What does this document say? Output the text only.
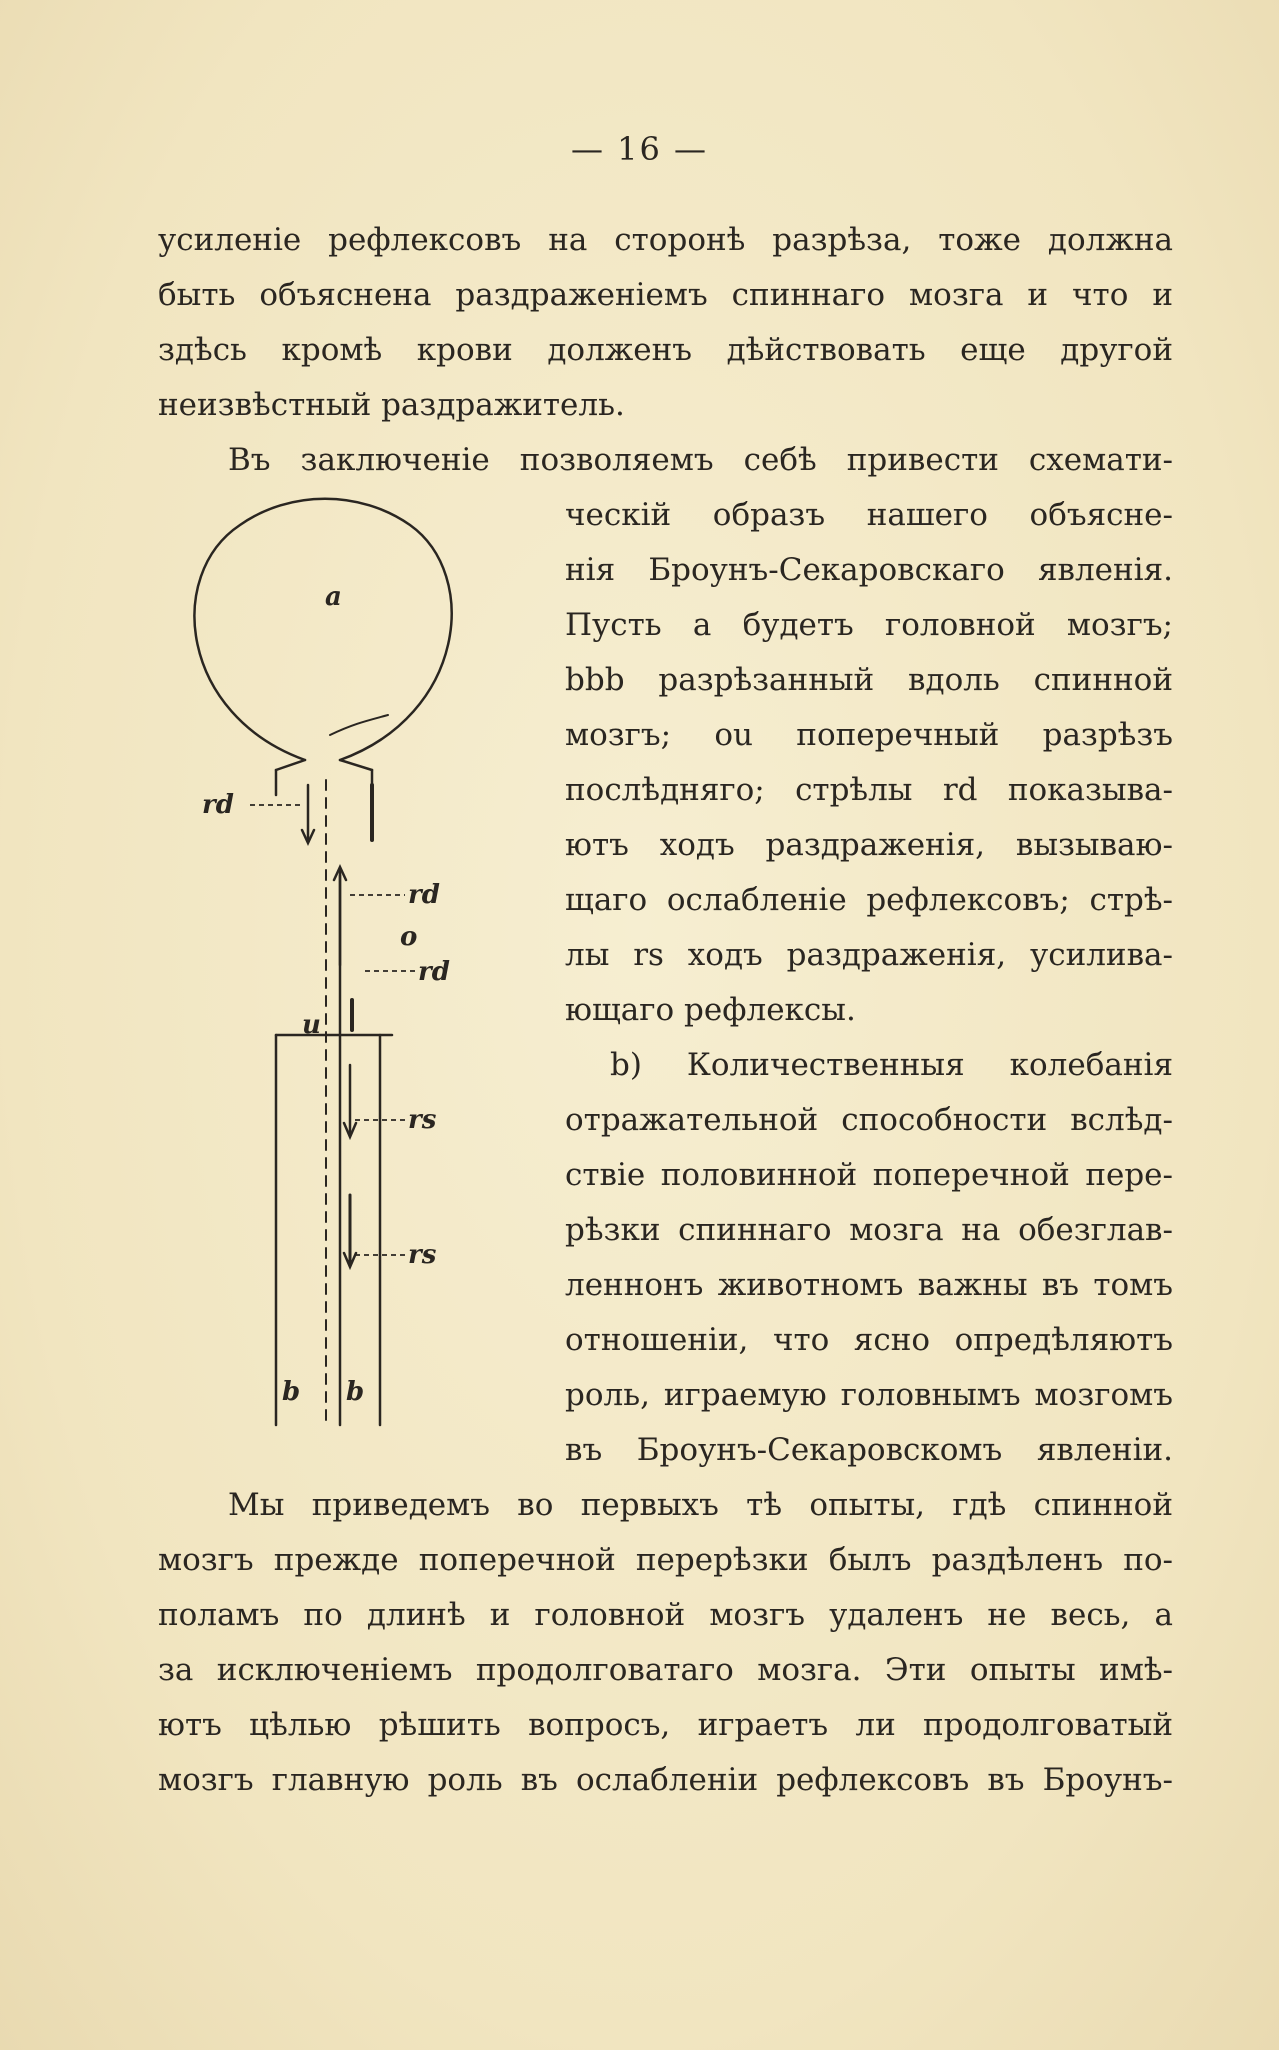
— 16 —
усиленіе рефлексовъ на сторонѣ разрѣза, тоже должна
быть объяснена раздраженіемъ спиннаго мозга и что и
здѣсь кромѣ крови долженъ дѣйствовать еще другой
неизвѣстный раздражитель.
Въ заключеніе позволяемъ себѣ привести схемати-
ческій образъ нашего объясне-
нія Броунъ-Секаровскаго явленія.
Пусть а будетъ головной мозгъ;
bbb разрѣзанный вдоль спинной
мозгъ; ou поперечный разрѣзъ
послѣдняго; стрѣлы rd показыва-
ютъ ходъ раздраженія, вызываю-
щаго ослабленіе рефлексовъ; стрѣ-
лы rs ходъ раздраженія, усилива-
ющаго рефлексы.
b) Количественныя колебанія
отражательной способности вслѣд-
ствіе половинной поперечной пере-
рѣзки спиннаго мозга на обезглав-
леннонъ животномъ важны въ томъ
отношеніи, что ясно опредѣляютъ
роль, играемую головнымъ мозгомъ
въ Броунъ-Секаровскомъ явленіи.
Мы приведемъ во первыхъ тѣ опыты, гдѣ спинной
мозгъ прежде поперечной перерѣзки былъ раздѣленъ по-
поламъ по длинѣ и головной мозгъ удаленъ не весь, а
за исключеніемъ продолговатаго мозга. Эти опыты имѣ-
ютъ цѣлью рѣшить вопросъ, играетъ ли продолговатый
мозгъ главную роль въ ослабленіи рефлексовъ въ Броунъ-
a
rd
rd
o
rd
u
rs
rs
b b
